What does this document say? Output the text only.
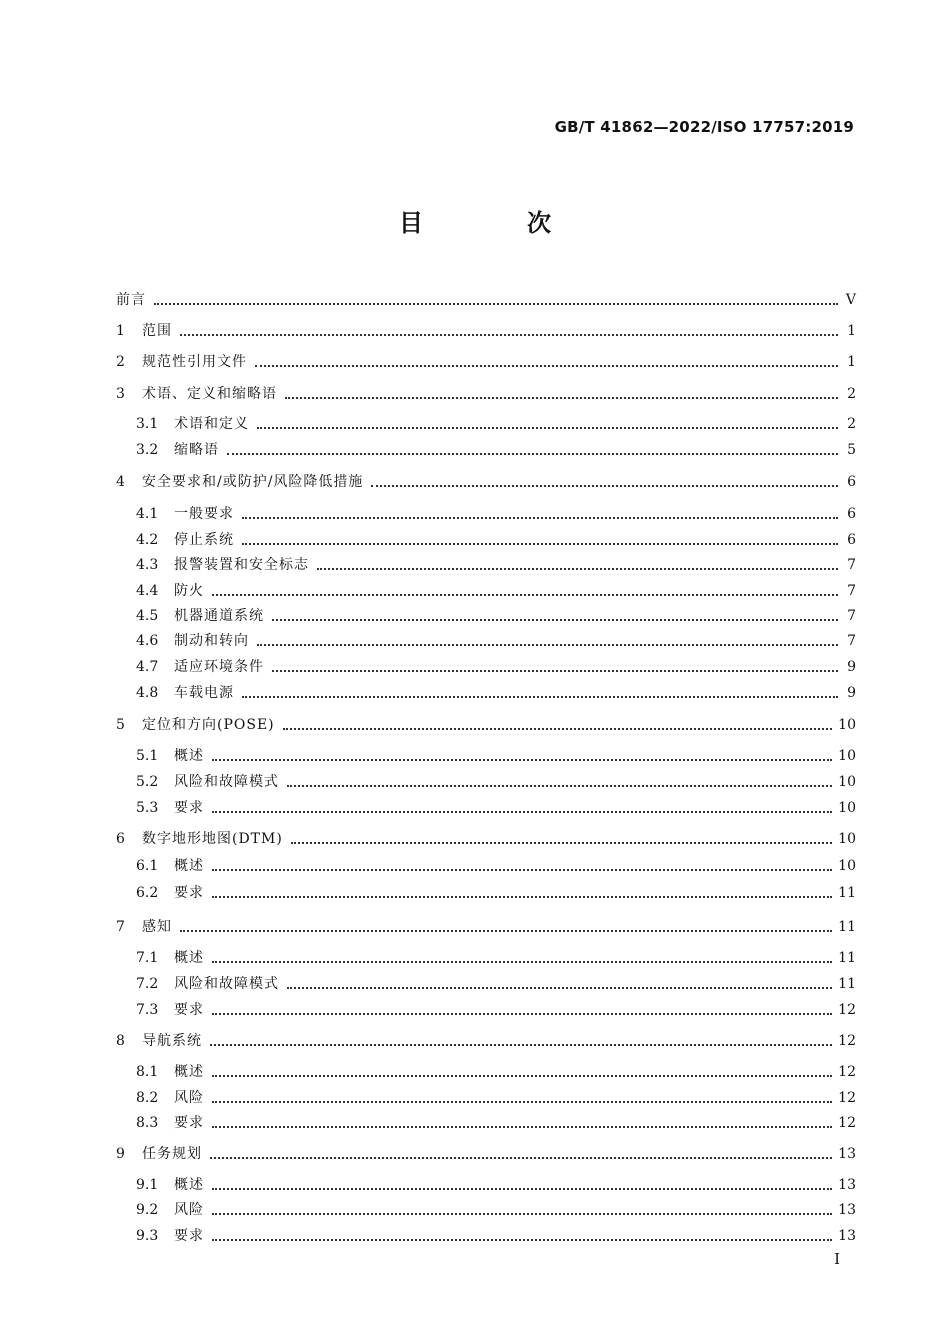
GB/T 41862—2022/ISO 17757:2019
目　次
前言	V
1	范围	1
2	规范性引用文件	1
3	术语、定义和缩略语	2
3.1	术语和定义	2
3.2	缩略语	5
4	安全要求和/或防护/风险降低措施	6
4.1	一般要求	6
4.2	停止系统	6
4.3	报警装置和安全标志	7
4.4	防火	7
4.5	机器通道系统	7
4.6	制动和转向	7
4.7	适应环境条件	9
4.8	车载电源	9
5	定位和方向(POSE)	10
5.1	概述	10
5.2	风险和故障模式	10
5.3	要求	10
6	数字地形地图(DTM)	10
6.1	概述	10
6.2	要求	11
7	感知	11
7.1	概述	11
7.2	风险和故障模式	11
7.3	要求	12
8	导航系统	12
8.1	概述	12
8.2	风险	12
8.3	要求	12
9	任务规划	13
9.1	概述	13
9.2	风险	13
9.3	要求	13
I
